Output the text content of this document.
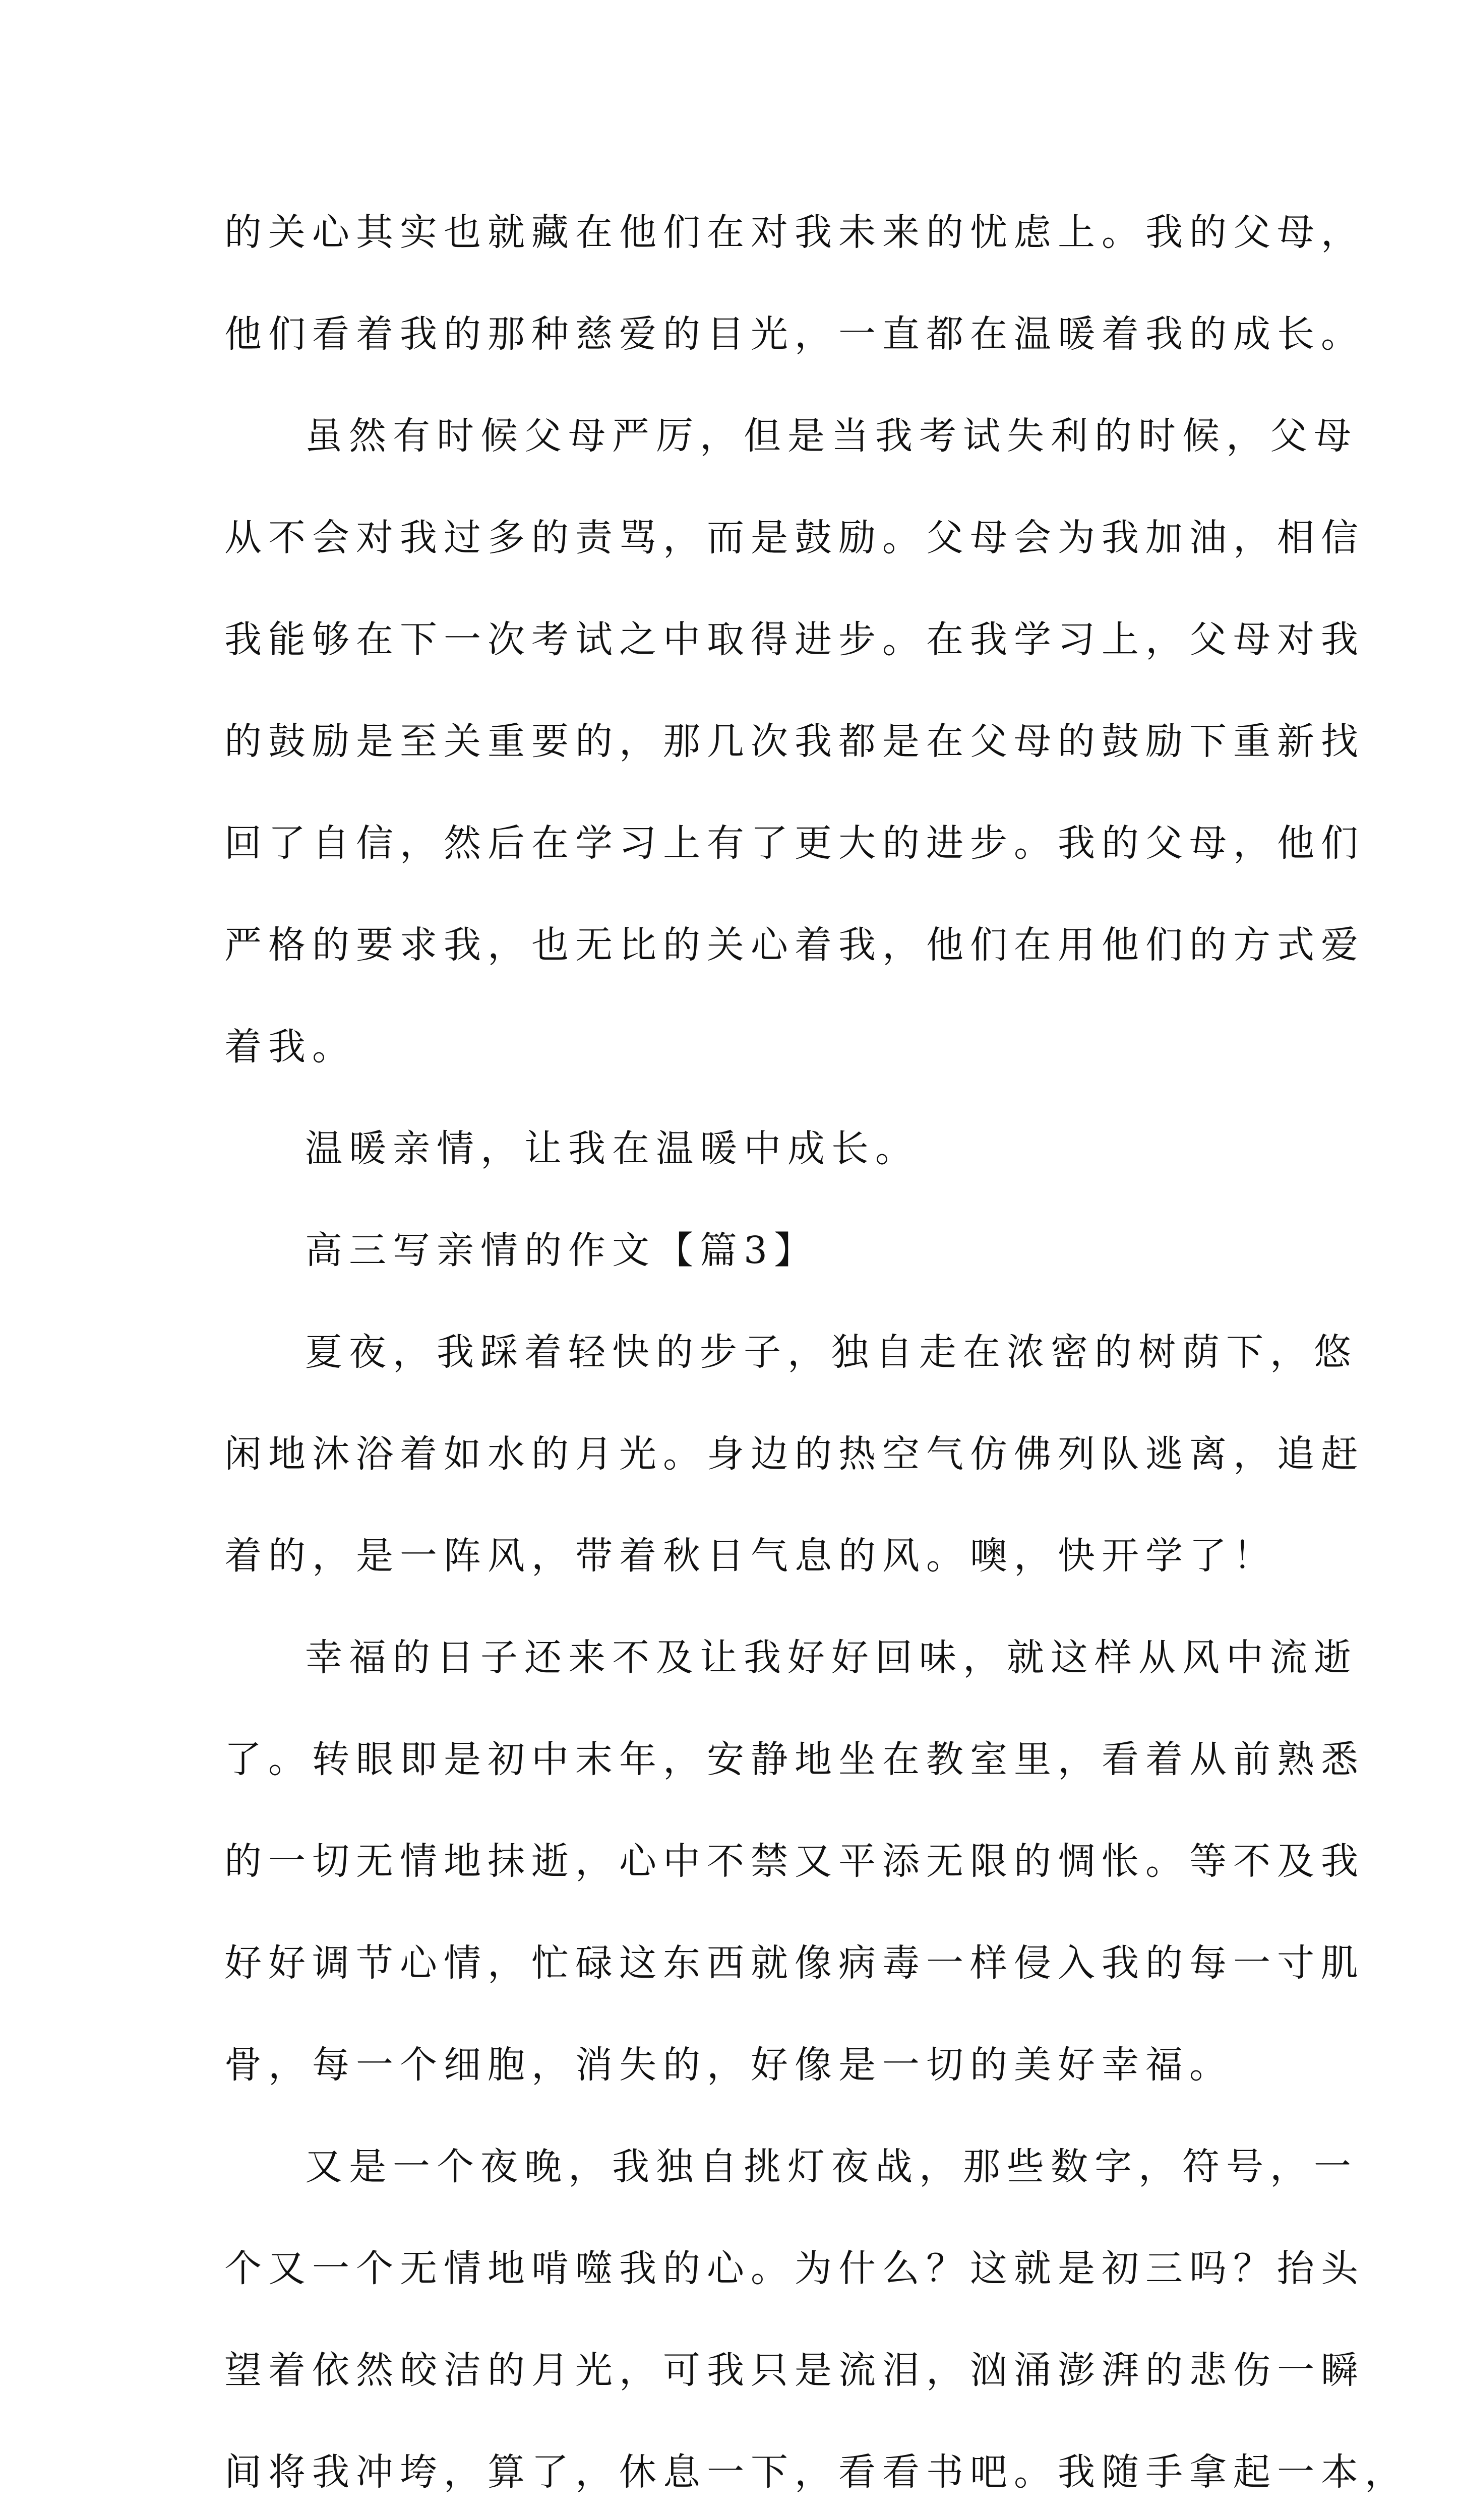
的关心其实也就藏在他们在对我未来的忧虑上。我的父母，
他们看着我的那种慈爱的目光，一直都在温暖着我的成长。
虽然有时候父母严厉，但是当我考试失利的时候，父母
从不会对我过多的责骂，而是鼓励。父母会为我加油，相信
我能够在下一次考试之中取得进步。在我学习上，父母对我
的鼓励是至关重要的，那几次我都是在父母的鼓励下重新找
回了自信，然后在学习上有了更大的进步。我的父母，他们
严格的要求我，也无比的关心着我，他们在用他们的方式爱
着我。
温暖亲情，让我在温暖中成长。
高三写亲情的作文【篇3】
夏夜，我踩着轻快的步子，独自走在浓密的树荫下，悠
闲地沐浴着如水的月光。身边的热空气仿佛列队逃离，追赶
着的，是一阵风，带着秋日气息的风。噢，快开学了！
幸福的日子还来不及让我好好回味，就这样从风中流逝
了。转眼即是初中末年，安静地坐在教室里，看着从前熟悉
的一切无情地抹逝，心中不禁又平添无限的惆怅。等不及我
好好调节心情，忙碌这东西就像病毒一样侵入我的每一寸肌
骨，每一个细胞，消失的，好像是一切的美好幸福。
又是一个夜晚，我独自挑灯夜战，那些数字，符号，一
个又一个无情地啃噬我的心。为什么？这就是初三吗？抬头
望着依然皎洁的月光，可我只是流泪，汹涌澎湃的悲伤一瞬
间将我冲垮，算了，休息一下，看看书吧。我随手拿起一本，
